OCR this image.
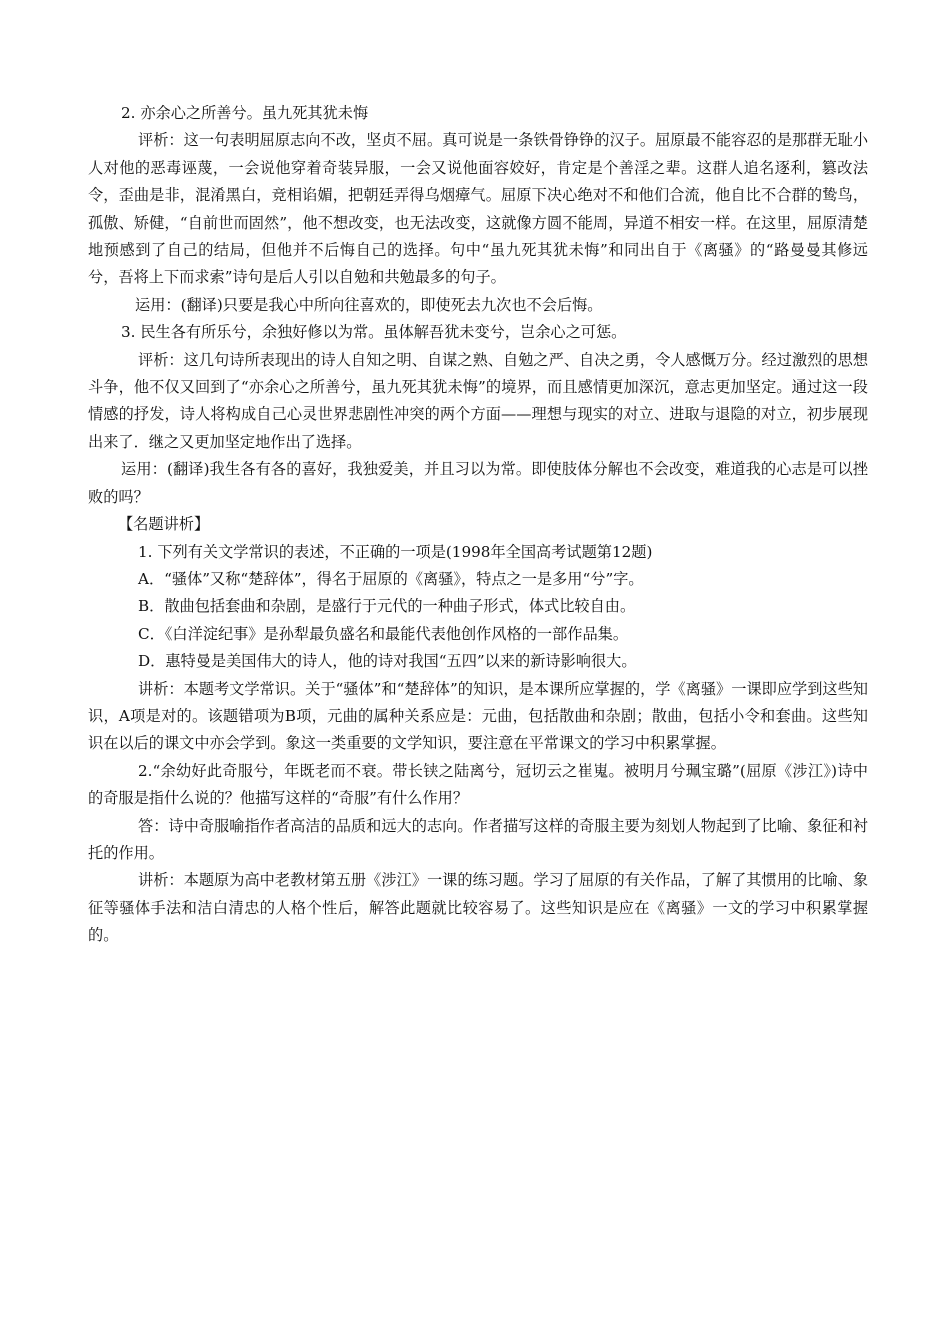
2. 亦余心之所善兮。虽九死其犹未悔

评析：这一句表明屈原志向不改，坚贞不屈。真可说是一条铁骨铮铮的汉子。屈原最不能容忍的是那群无耻小人对他的恶毒诬蔑，一会说他穿着奇装异服，一会又说他面容姣好，肯定是个善淫之辈。这群人追名逐利，篡改法令，歪曲是非，混淆黑白，竞相谄媚，把朝廷弄得乌烟瘴气。屈原下决心绝对不和他们合流，他自比不合群的鸷鸟，孤傲、矫健，“自前世而固然”，他不想改变，也无法改变，这就像方圆不能周，异道不相安一样。在这里，屈原清楚地预感到了自己的结局，但他并不后悔自己的选择。句中“虽九死其犹未悔”和同出自于《离骚》的“路曼曼其修远兮，吾将上下而求索”诗句是后人引以自勉和共勉最多的句子。

运用：(翻译)只要是我心中所向往喜欢的，即使死去九次也不会后悔。

3. 民生各有所乐兮，余独好修以为常。虽体解吾犹未变兮，岂余心之可惩。

评析：这几句诗所表现出的诗人自知之明、自谋之熟、自勉之严、自决之勇，令人感慨万分。经过激烈的思想斗争，他不仅又回到了“亦余心之所善兮，虽九死其犹未悔”的境界，而且感情更加深沉，意志更加坚定。通过这一段情感的抒发，诗人将构成自己心灵世界悲剧性冲突的两个方面——理想与现实的对立、进取与退隐的对立，初步展现出来了．继之又更加坚定地作出了选择。

运用：(翻译)我生各有各的喜好，我独爱美，并且习以为常。即使肢体分解也不会改变，难道我的心志是可以挫败的吗？

【名题讲析】

1. 下列有关文学常识的表述，不正确的一项是(1998年全国高考试题第12题)

A．“骚体”又称“楚辞体”，得名于屈原的《离骚》，特点之一是多用“兮”字。

B．散曲包括套曲和杂剧，是盛行于元代的一种曲子形式，体式比较自由。

C．《白洋淀纪事》是孙犁最负盛名和最能代表他创作风格的一部作品集。

D．惠特曼是美国伟大的诗人，他的诗对我国“五四”以来的新诗影响很大。

讲析：本题考文学常识。关于“骚体”和“楚辞体”的知识，是本课所应掌握的，学《离骚》一课即应学到这些知识，A项是对的。该题错项为B项，元曲的属种关系应是：元曲，包括散曲和杂剧；散曲，包括小令和套曲。这些知识在以后的课文中亦会学到。象这一类重要的文学知识，要注意在平常课文的学习中积累掌握。

2.“余幼好此奇服兮，年既老而不衰。带长铗之陆离兮，冠切云之崔嵬。被明月兮珮宝璐”(屈原《涉江》)诗中的奇服是指什么说的？他描写这样的“奇服”有什么作用？

答：诗中奇服喻指作者高洁的品质和远大的志向。作者描写这样的奇服主要为刻划人物起到了比喻、象征和衬托的作用。

讲析：本题原为高中老教材第五册《涉江》一课的练习题。学习了屈原的有关作品，了解了其惯用的比喻、象征等骚体手法和洁白清忠的人格个性后，解答此题就比较容易了。这些知识是应在《离骚》一文的学习中积累掌握的。
